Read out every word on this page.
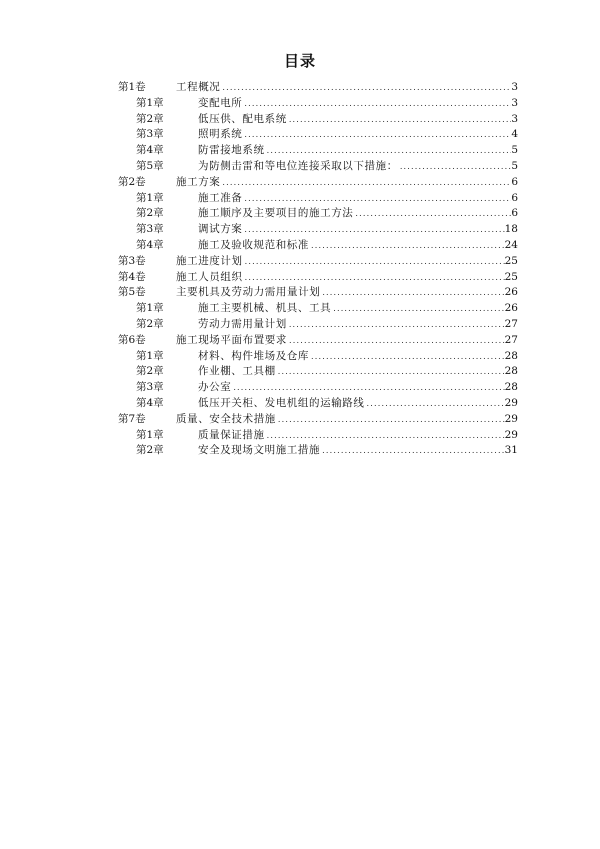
目录
第1卷	工程概况 .....	3
第1章	变配电所 .....	3
第2章	低压供、配电系统 .....	3
第3章	照明系统 .....	4
第4章	防雷接地系统 .....	5
第5章	为防侧击雷和等电位连接采取以下措施： .....	5
第2卷	施工方案 .....	6
第1章	施工准备 .....	6
第2章	施工顺序及主要项目的施工方法 .....	6
第3章	调试方案 .....	18
第4章	施工及验收规范和标准 .....	24
第3卷	施工进度计划 .....	25
第4卷	施工人员组织 .....	25
第5卷	主要机具及劳动力需用量计划 .....	26
第1章	施工主要机械、机具、工具 .....	26
第2章	劳动力需用量计划 .....	27
第6卷	施工现场平面布置要求 .....	27
第1章	材料、构件堆场及仓库 .....	28
第2章	作业棚、工具棚 .....	28
第3章	办公室 .....	28
第4章	低压开关柜、发电机组的运输路线 .....	29
第7卷	质量、安全技术措施 .....	29
第1章	质量保证措施 .....	29
第2章	安全及现场文明施工措施 .....	31
